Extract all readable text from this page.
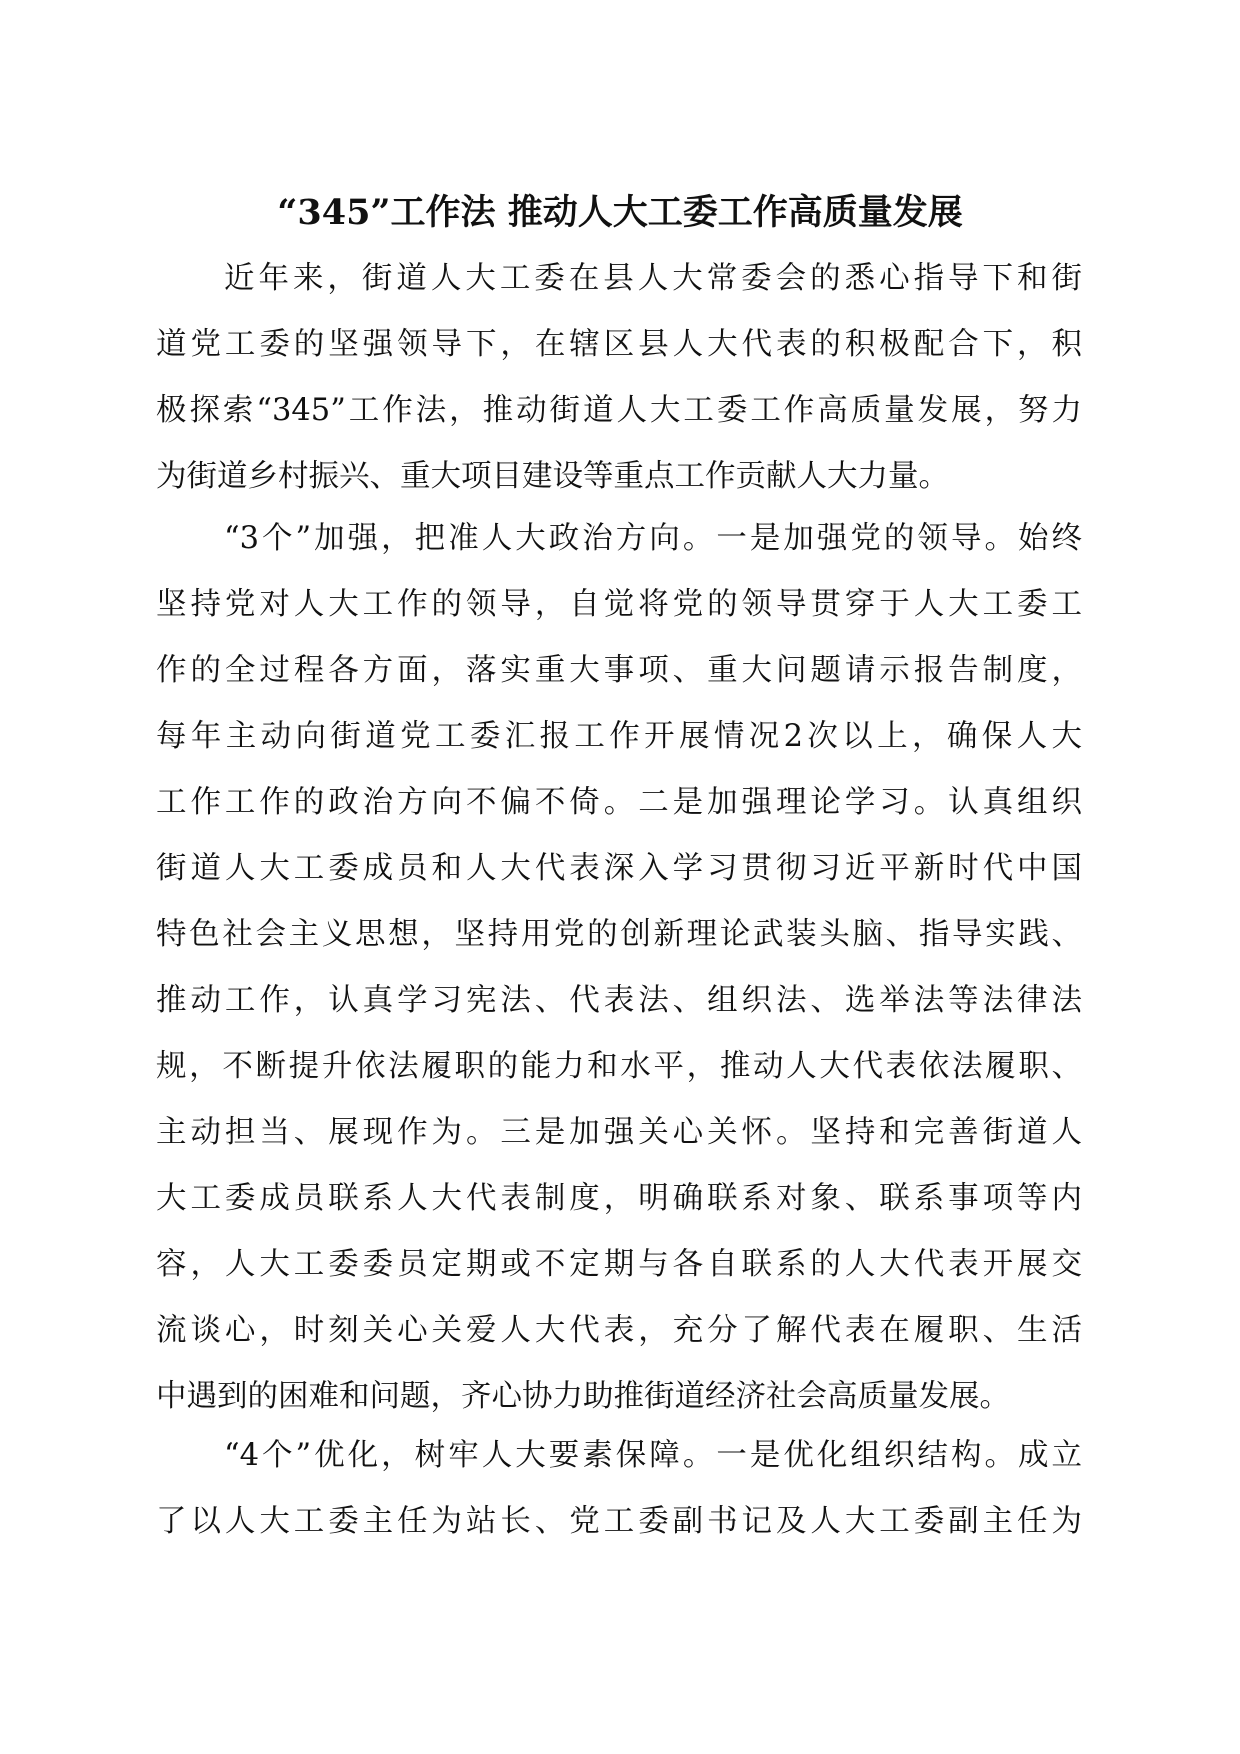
“345”工作法 推动人大工委工作高质量发展
近年来，街道人大工委在县人大常委会的悉心指导下和街
道党工委的坚强领导下，在辖区县人大代表的积极配合下，积
极探索“345”工作法，推动街道人大工委工作高质量发展，努力
为街道乡村振兴、重大项目建设等重点工作贡献人大力量。
“3个”加强，把准人大政治方向。一是加强党的领导。始终
坚持党对人大工作的领导，自觉将党的领导贯穿于人大工委工
作的全过程各方面，落实重大事项、重大问题请示报告制度，
每年主动向街道党工委汇报工作开展情况2次以上，确保人大
工作工作的政治方向不偏不倚。二是加强理论学习。认真组织
街道人大工委成员和人大代表深入学习贯彻习近平新时代中国
特色社会主义思想，坚持用党的创新理论武装头脑、指导实践、
推动工作，认真学习宪法、代表法、组织法、选举法等法律法
规，不断提升依法履职的能力和水平，推动人大代表依法履职、
主动担当、展现作为。三是加强关心关怀。坚持和完善街道人
大工委成员联系人大代表制度，明确联系对象、联系事项等内
容，人大工委委员定期或不定期与各自联系的人大代表开展交
流谈心，时刻关心关爱人大代表，充分了解代表在履职、生活
中遇到的困难和问题，齐心协力助推街道经济社会高质量发展。
“4个”优化，树牢人大要素保障。一是优化组织结构。成立
了以人大工委主任为站长、党工委副书记及人大工委副主任为
